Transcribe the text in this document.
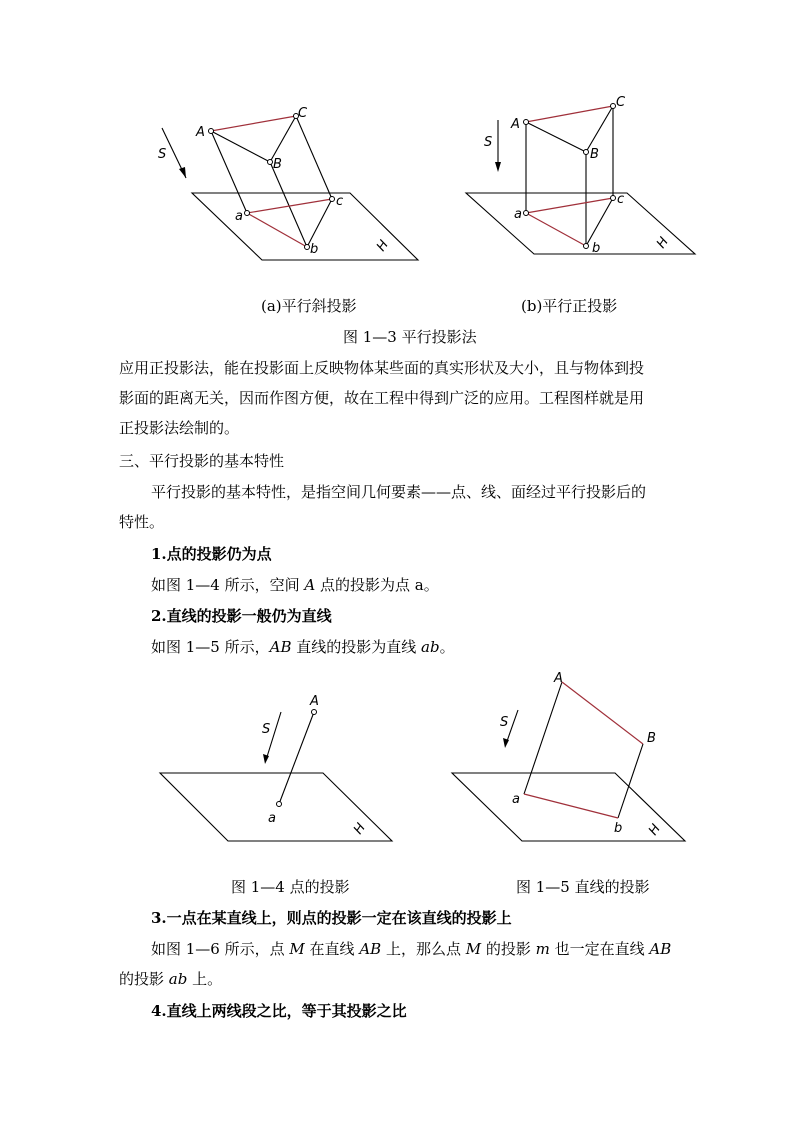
A
B
C
a
b
c
S
H
A
B
C
a
b
c
S
H
(a)平行斜投影	(b)平行正投影
图 1—3 平行投影法
应用正投影法，能在投影面上反映物体某些面的真实形状及大小，且与物体到投
影面的距离无关，因而作图方便，故在工程中得到广泛的应用。工程图样就是用
正投影法绘制的。
三、平行投影的基本特性
平行投影的基本特性，是指空间几何要素——点、线、面经过平行投影后的
特性。
1.点的投影仍为点
如图 1—4 所示，空间 A 点的投影为点 a。
2.直线的投影一般仍为直线
如图 1—5 所示，AB 直线的投影为直线 ab。
A
a
S
H
A
B
a
b
S
H
图 1—4 点的投影	图 1—5 直线的投影
3.一点在某直线上，则点的投影一定在该直线的投影上
如图 1—6 所示，点 M 在直线 AB 上，那么点 M 的投影 m 也一定在直线 AB
的投影 ab 上。
4.直线上两线段之比，等于其投影之比
